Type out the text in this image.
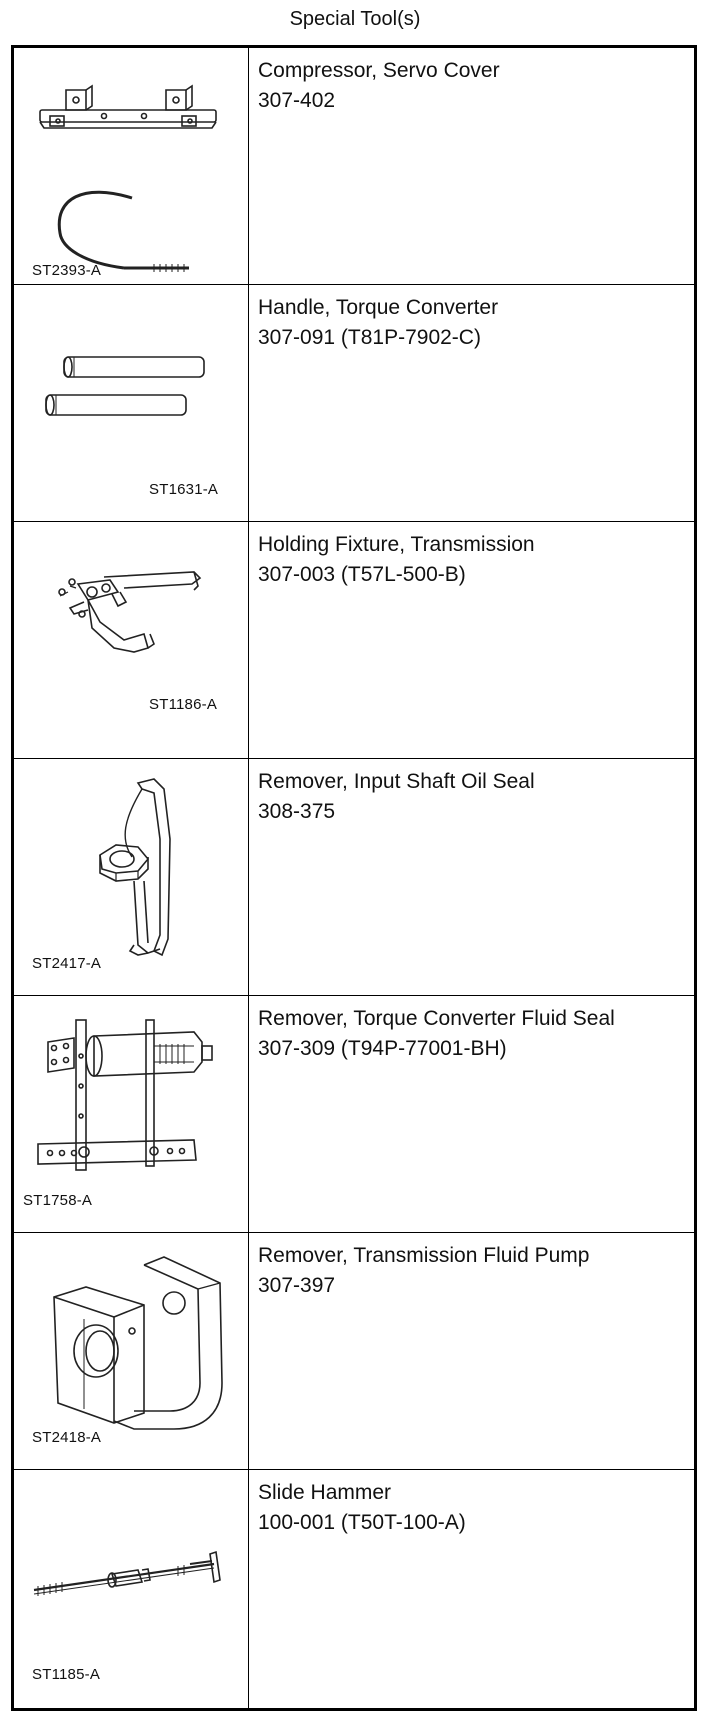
Special Tool(s)
ST2393-A
Compressor, Servo Cover
307-402
ST1631-A
Handle, Torque Converter
307-091 (T81P-7902-C)
ST1186-A
Holding Fixture, Transmission
307-003 (T57L-500-B)
ST2417-A
Remover, Input Shaft Oil Seal
308-375
ST1758-A
Remover, Torque Converter Fluid Seal
307-309 (T94P-77001-BH)
ST2418-A
Remover, Transmission Fluid Pump
307-397
ST1185-A
Slide Hammer
100-001 (T50T-100-A)
